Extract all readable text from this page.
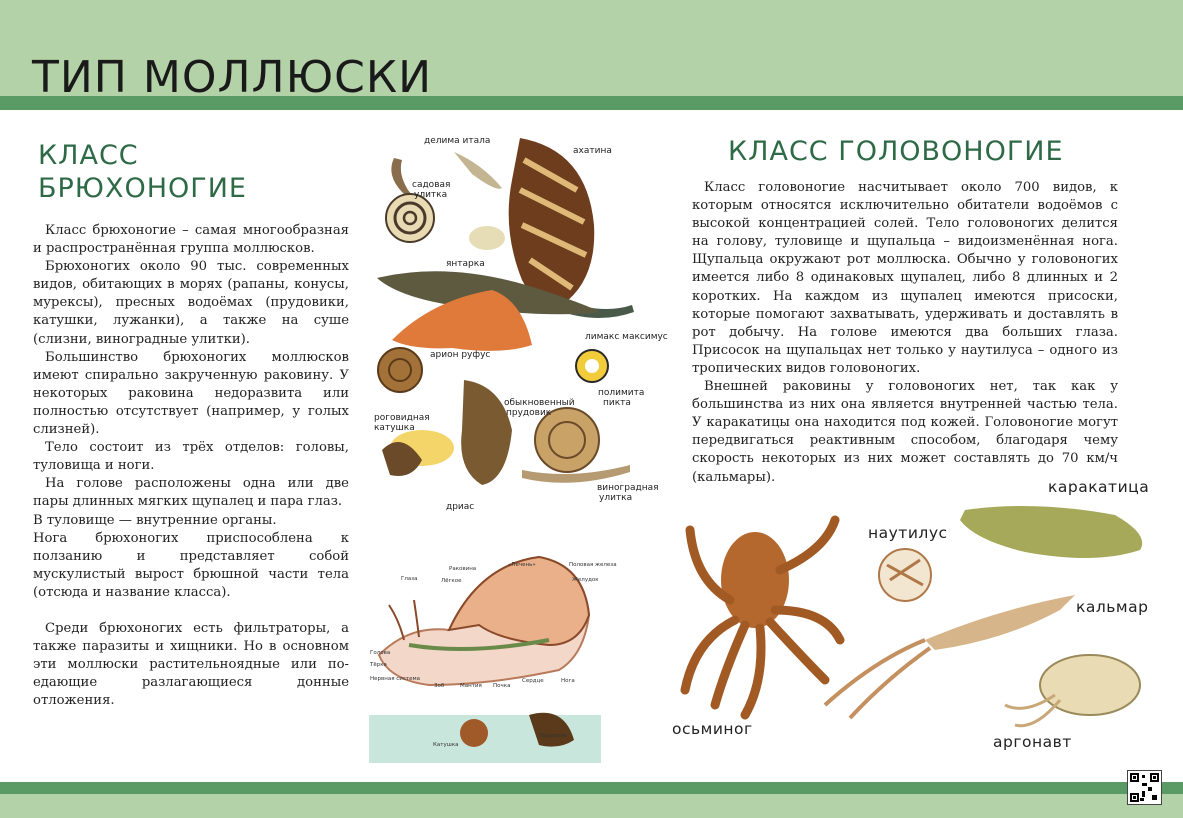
ТИП МОЛЛЮСКИ
КЛАСС
БРЮХОНОГИЕ

Класс брюхоногие – самая многообразная и распространённая группа моллюсков.

Брюхоногих около 90 тыс. современных видов, обитающих в морях (рапаны, конусы, мурексы), пресных водоёмах (прудовики, катушки, лужанки), а также на суше (слизни, виноградные улитки).

Большинство брюхоногих моллюсков имеют спирально закрученную раковину. У некоторых раковина недоразвита или полностью отсутствует (например, у голых слизней).

Тело состоит из трёх отделов: головы, туловища и ноги.

На голове расположены одна или две пары длинных мягких щупалец и пара глаз.

В туловище — внутренние органы.

Нога брюхоногих приспособлена к ползанию и представляет собой мускулистый вырост брюшной части тела (отсюда и название класса).

Среди брюхоногих есть фильтраторы, а также паразиты и хищники. Но в основном эти моллюски растительноядные или по-едающие разлагающиеся донные отложения.

делима итала
ахатина
садовая
улитка
янтарка
лимакс максимус
арион руфус
полимита
пикта
обыкновенный
прудовик
роговидная
катушка
виноградная
улитка
дриас
Глаза
Раковина
«Печень»	Половая железа
Желудок
Лёгкое
Голова
Тёрка
Нервная система
Зоб	Мантия Почка
Сердце	Нога
Катушка
Прудовик
КЛАСС ГОЛОВОНОГИЕ

Класс головоногие насчитывает около 700 видов, к которым относятся исключительно обитатели водоёмов с высокой концентрацией солей. Тело головоногих делится на голову, туловище и щупальца – видоизменённая нога. Щупальца окружают рот моллюска. Обычно у головоногих имеется либо 8 одинаковых щупалец, либо 8 длинных и 2 коротких. На каждом из щупалец имеются присоски, которые помогают захватывать, удерживать и доставлять в рот добычу. На голове имеются два больших глаза. Присосок на щупальцах нет только у наутилуса – одного из тропических видов головоногих.

Внешней раковины у головоногих нет, так как у большинства из них она является внутренней частью тела. У каракатицы она находится под кожей. Головоногие могут передвигаться реактивным способом, благодаря чему скорость некоторых из них может составлять до 70 км/ч (кальмары).

каракатица
наутилус
кальмар
осьминог
аргонавт
